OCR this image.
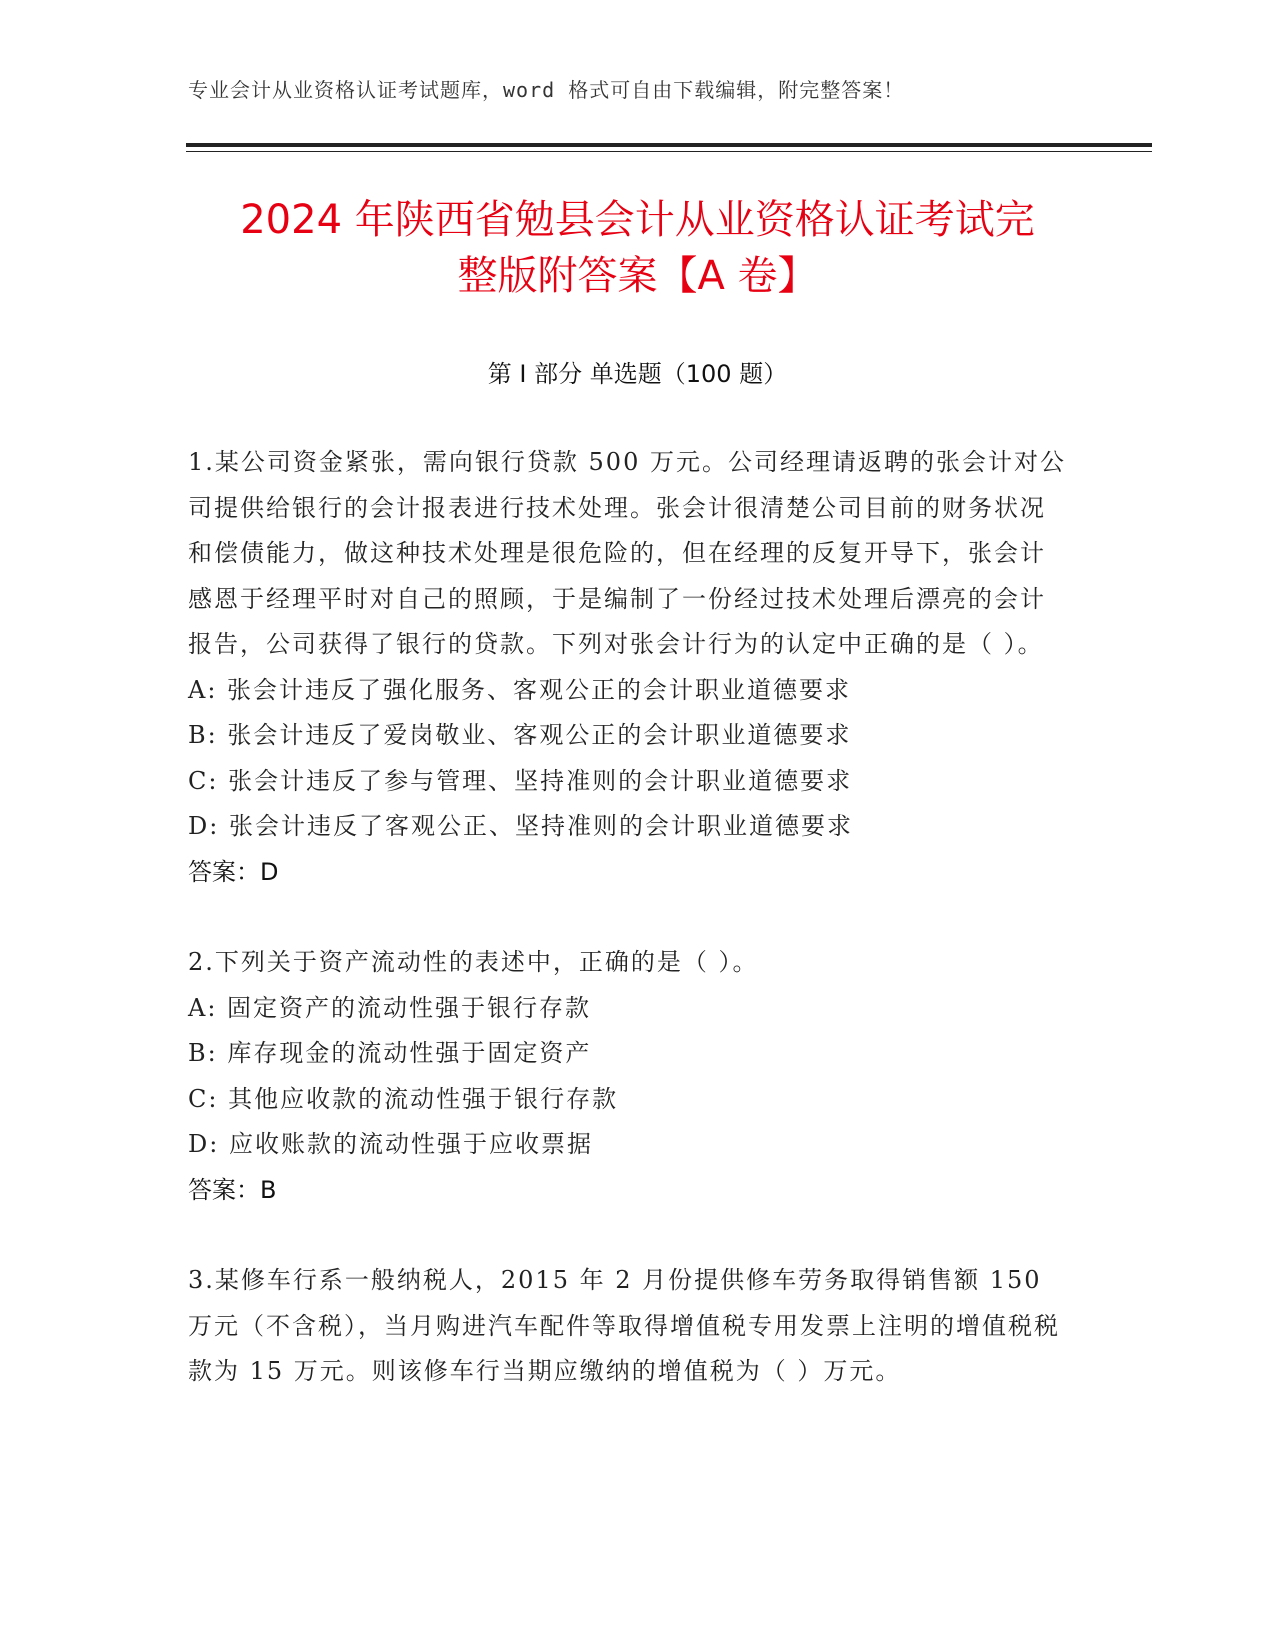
专业会计从业资格认证考试题库，word 格式可自由下载编辑，附完整答案！
2024 年陕西省勉县会计从业资格认证考试完
整版附答案【A 卷】
第 I 部分 单选题（100 题）

1.某公司资金紧张，需向银行贷款 500 万元。公司经理请返聘的张会计对公司提供给银行的会计报表进行技术处理。张会计很清楚公司目前的财务状况和偿债能力，做这种技术处理是很危险的，但在经理的反复开导下，张会计感恩于经理平时对自己的照顾，于是编制了一份经过技术处理后漂亮的会计报告，公司获得了银行的贷款。下列对张会计行为的认定中正确的是（ ）。

A: 张会计违反了强化服务、客观公正的会计职业道德要求

B: 张会计违反了爱岗敬业、客观公正的会计职业道德要求

C: 张会计违反了参与管理、坚持准则的会计职业道德要求

D: 张会计违反了客观公正、坚持准则的会计职业道德要求

答案：D

2.下列关于资产流动性的表述中，正确的是（ ）。

A: 固定资产的流动性强于银行存款

B: 库存现金的流动性强于固定资产

C: 其他应收款的流动性强于银行存款

D: 应收账款的流动性强于应收票据

答案：B

3.某修车行系一般纳税人，2015 年 2 月份提供修车劳务取得销售额 150 万元（不含税），当月购进汽车配件等取得增值税专用发票上注明的增值税税款为 15 万元。则该修车行当期应缴纳的增值税为（ ）万元。
